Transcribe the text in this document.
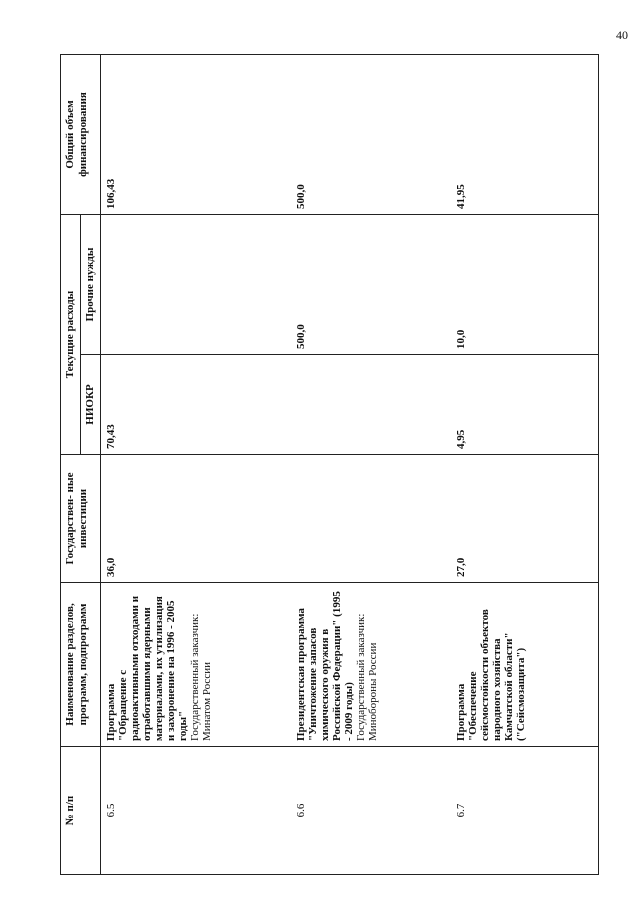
40
№ п/п	Наименование разделов, программ, подпрограмм	Государствен- ные инвестиции	Текущие расходы		Общий объем финансирования
			НИОКР	Прочие нужды	
6.5	Программа "Обращение с радиоактивными отходами и отработавшими ядерными материалами, их утилизация и захоронение на 1996 - 2005 годы" Государственный заказчик: Минатом России	36,0	70,43		106,43
6.6	Президентская программа "Уничтожение запасов химического оружия в Российской Федерации" (1995 - 2009 годы) Государственный заказчик: Минобороны России			500,0	500,0
6.7	Программа "Обеспечение сейсмостойкости объектов народного хозяйства Камчатской области" ("Сейсмозащита")	27,0	4,95	10,0	41,95
